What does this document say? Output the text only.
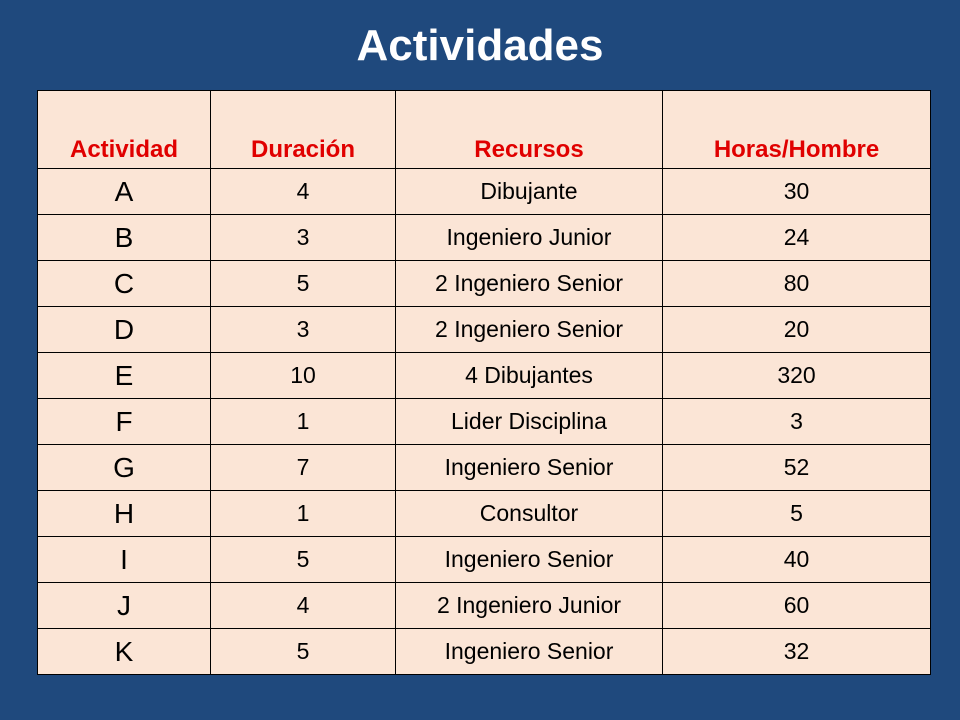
Actividades
Actividad	Duración	Recursos	Horas/Hombre
A	4	Dibujante	30
B	3	Ingeniero Junior	24
C	5	2 Ingeniero Senior	80
D	3	2 Ingeniero Senior	20
E	10	4 Dibujantes	320
F	1	Lider Disciplina	3
G	7	Ingeniero Senior	52
H	1	Consultor	5
I	5	Ingeniero Senior	40
J	4	2 Ingeniero Junior	60
K	5	Ingeniero Senior	32
